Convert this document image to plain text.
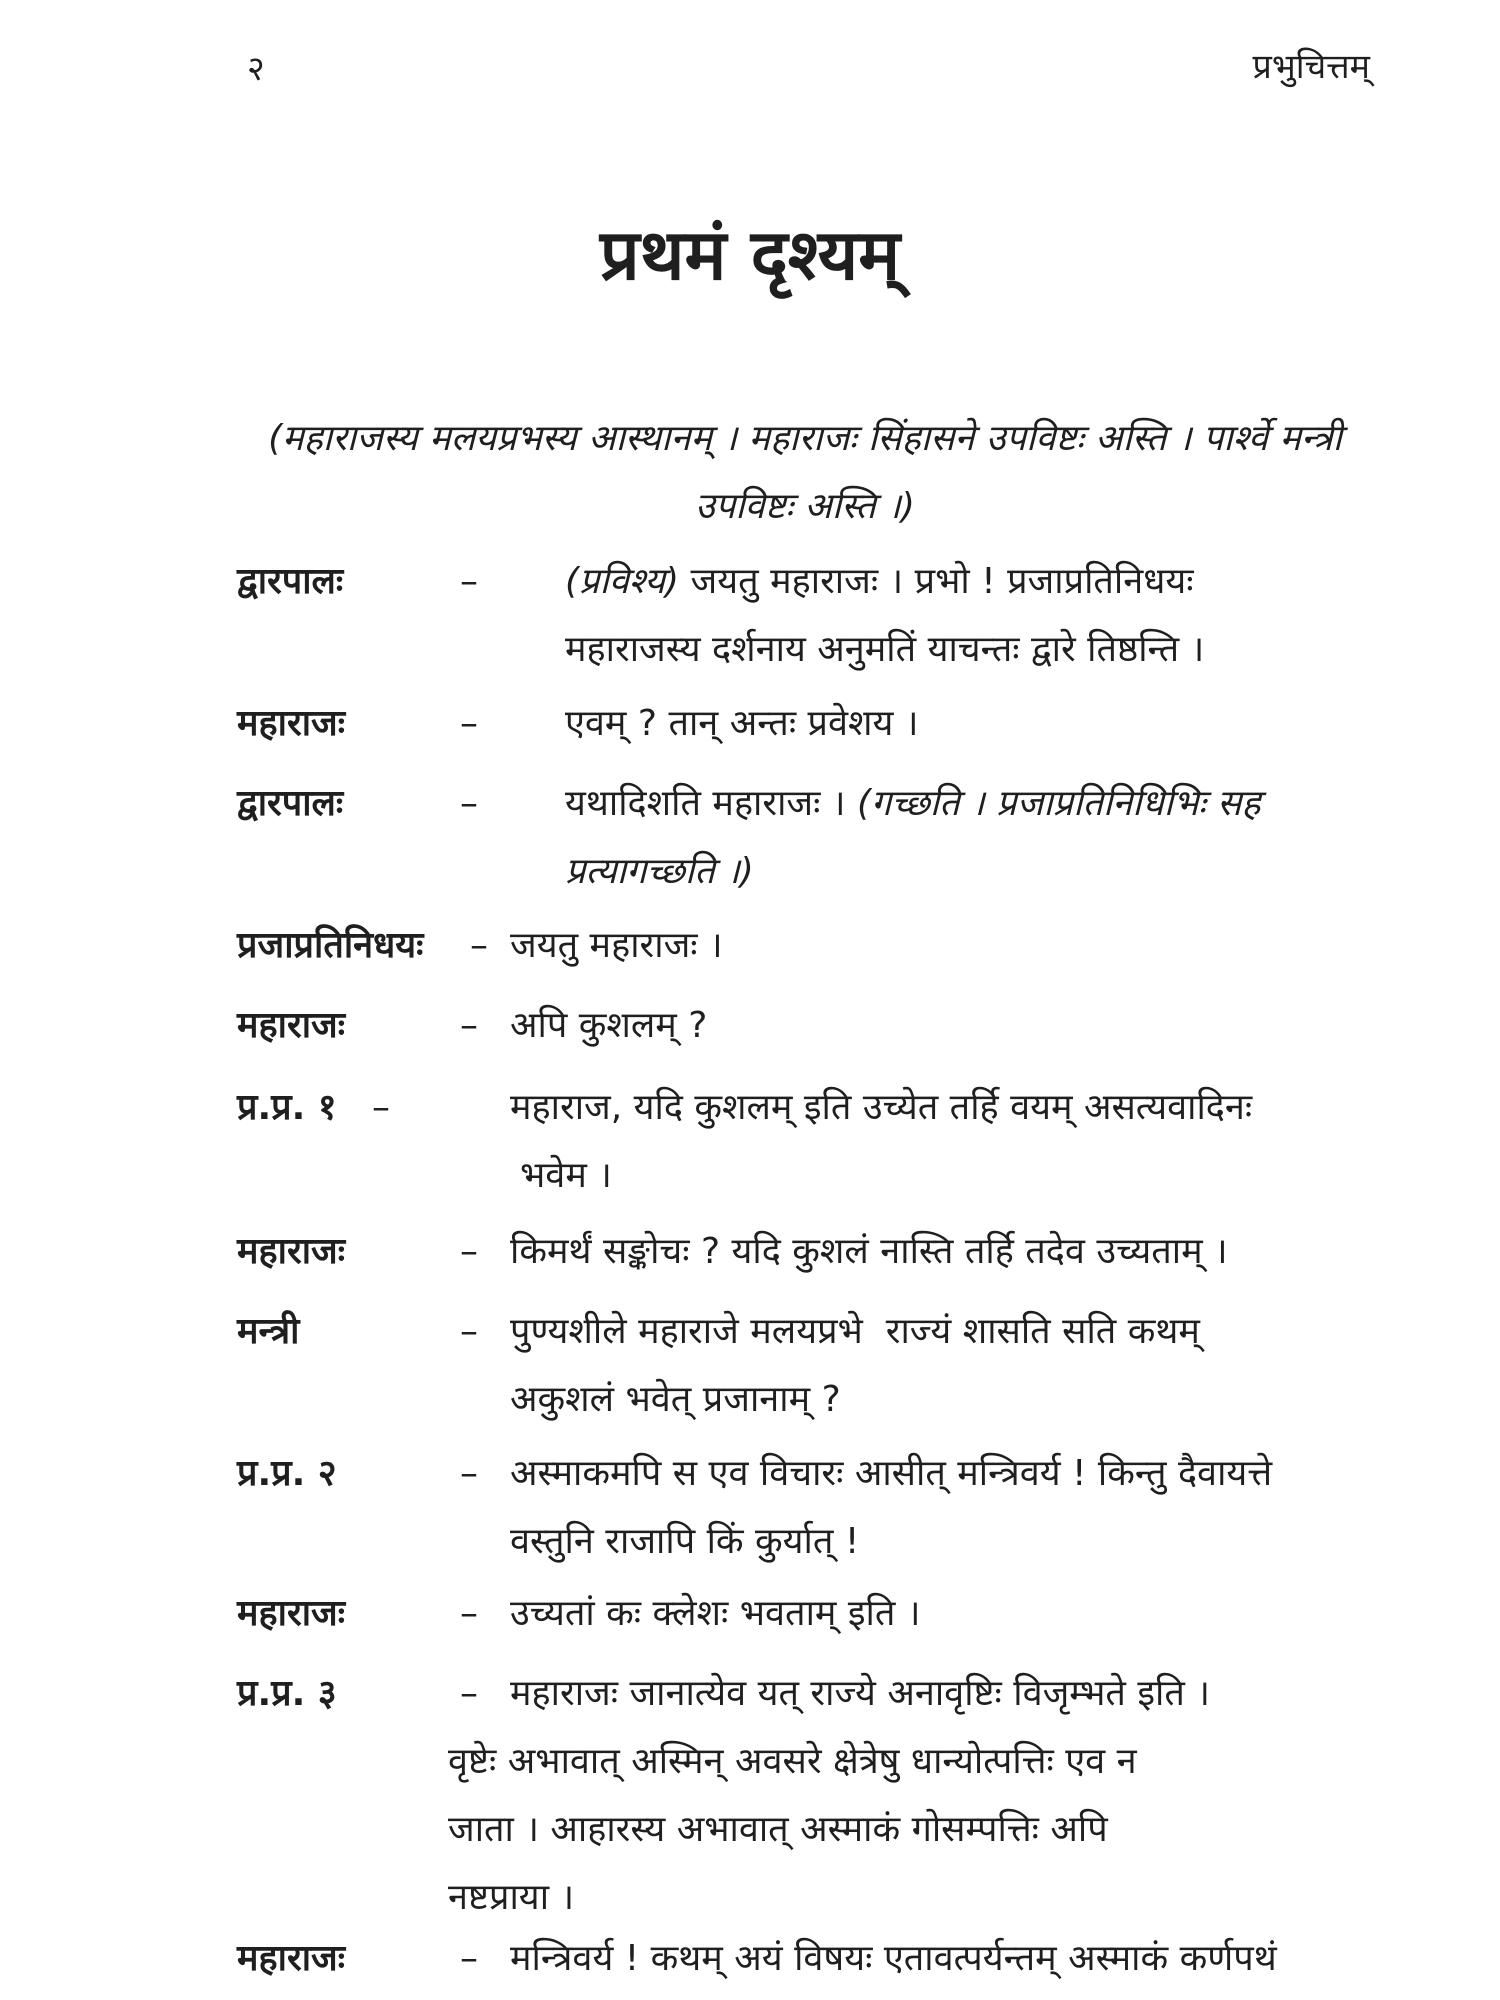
२	प्रभुचित्तम्
प्रथमं दृश्यम्
(महाराजस्य मलयप्रभस्य आस्थानम् । महाराजः सिंहासने उपविष्टः अस्ति । पार्श्वे मन्त्री उपविष्टः अस्ति ।)
द्वारपालः	– (प्रविश्य) जयतु महाराजः । प्रभो ! प्रजाप्रतिनिधयः
महाराजस्य दर्शनाय अनुमतिं याचन्तः द्वारे तिष्ठन्ति ।
महाराजः	– एवम् ? तान् अन्तः प्रवेशय ।
द्वारपालः	– यथादिशति महाराजः । (गच्छति । प्रजाप्रतिनिधिभिः सह
प्रत्यागच्छति ।)
प्रजाप्रतिनिधयः – जयतु महाराजः ।
महाराजः	– अपि कुशलम् ?
प्र.प्र. १ –	महाराज, यदि कुशलम् इति उच्येत तर्हि वयम् असत्यवादिनः
भवेम ।
महाराजः	– किमर्थं सङ्कोचः ? यदि कुशलं नास्ति तर्हि तदेव उच्यताम् ।
मन्त्री	– पुण्यशीले महाराजे मलयप्रभे  राज्यं शासति सति कथम्
अकुशलं भवेत् प्रजानाम् ?
प्र.प्र. २	– अस्माकमपि स एव विचारः आसीत् मन्त्रिवर्य ! किन्तु दैवायत्ते
वस्तुनि राजापि किं कुर्यात् !
महाराजः	– उच्यतां कः क्लेशः भवताम् इति ।
प्र.प्र. ३	– महाराजः जानात्येव यत् राज्ये अनावृष्टिः विजृम्भते इति ।
वृष्टेः अभावात् अस्मिन् अवसरे क्षेत्रेषु धान्योत्पत्तिः एव न
जाता । आहारस्य अभावात् अस्माकं गोसम्पत्तिः अपि
नष्टप्राया ।
महाराजः	– मन्त्रिवर्य ! कथम् अयं विषयः एतावत्पर्यन्तम् अस्माकं कर्णपथं
